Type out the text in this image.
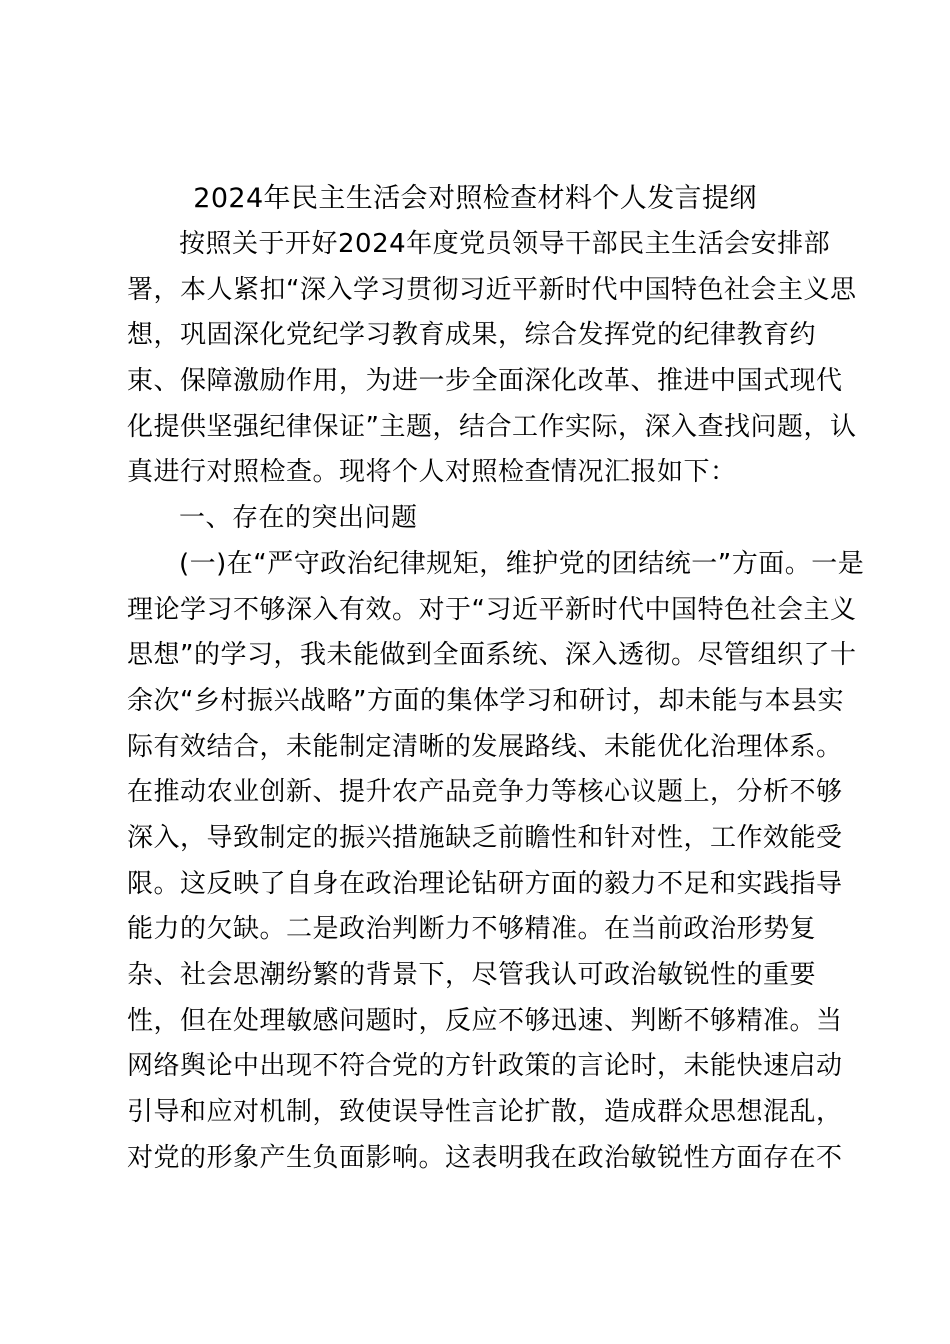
2024年民主生活会对照检查材料个人发言提纲
按照关于开好2024年度党员领导干部民主生活会安排部
署，本人紧扣“深入学习贯彻习近平新时代中国特色社会主义思
想，巩固深化党纪学习教育成果，综合发挥党的纪律教育约
束、保障激励作用，为进一步全面深化改革、推进中国式现代
化提供坚强纪律保证”主题，结合工作实际，深入查找问题，认
真进行对照检查。现将个人对照检查情况汇报如下：
一、存在的突出问题
(一)在“严守政治纪律规矩，维护党的团结统一”方面。一是
理论学习不够深入有效。对于“习近平新时代中国特色社会主义
思想”的学习，我未能做到全面系统、深入透彻。尽管组织了十
余次“乡村振兴战略”方面的集体学习和研讨，却未能与本县实
际有效结合，未能制定清晰的发展路线、未能优化治理体系。
在推动农业创新、提升农产品竞争力等核心议题上，分析不够
深入，导致制定的振兴措施缺乏前瞻性和针对性，工作效能受
限。这反映了自身在政治理论钻研方面的毅力不足和实践指导
能力的欠缺。二是政治判断力不够精准。在当前政治形势复
杂、社会思潮纷繁的背景下，尽管我认可政治敏锐性的重要
性，但在处理敏感问题时，反应不够迅速、判断不够精准。当
网络舆论中出现不符合党的方针政策的言论时，未能快速启动
引导和应对机制，致使误导性言论扩散，造成群众思想混乱，
对党的形象产生负面影响。这表明我在政治敏锐性方面存在不
